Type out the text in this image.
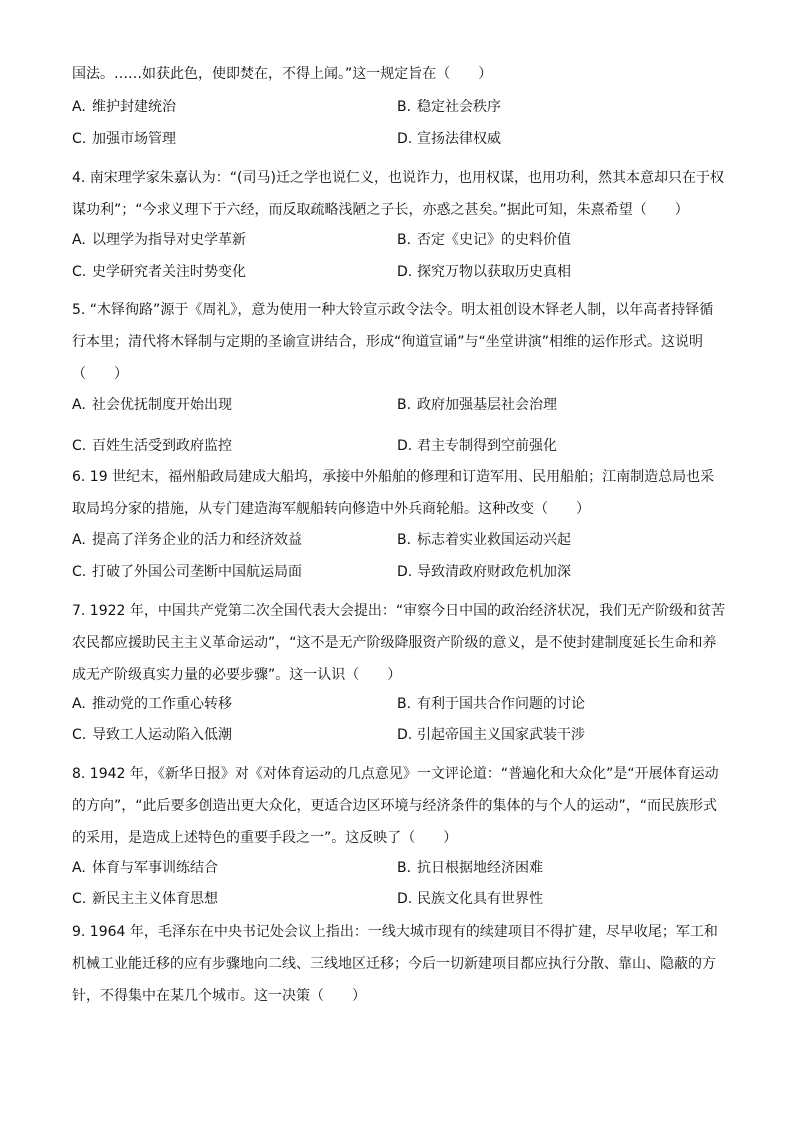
国法。……如获此色，使即焚在，不得上闻。”这一规定旨在（　　）
A. 维护封建统治	B. 稳定社会秩序
C. 加强市场管理	D. 宣扬法律权威
4. 南宋理学家朱嘉认为：“(司马)迁之学也说仁义，也说诈力，也用权谋，也用功利，然其本意却只在于权谋功利”；“今求义理下于六经，而反取疏略浅陋之子长，亦惑之甚矣。”据此可知，朱熹希望（　　）
A. 以理学为指导对史学革新	B. 否定《史记》的史料价值
C. 史学研究者关注时势变化	D. 探究万物以获取历史真相
5. “木铎徇路”源于《周礼》，意为使用一种大铃宣示政令法令。明太祖创设木铎老人制，以年高者持铎循行本里；清代将木铎制与定期的圣谕宣讲结合，形成“徇道宣诵”与“坐堂讲演”相维的运作形式。这说明（　　）
A. 社会优抚制度开始出现	B. 政府加强基层社会治理
C. 百姓生活受到政府监控	D. 君主专制得到空前强化
6. 19 世纪末，福州船政局建成大船坞，承接中外船舶的修理和订造军用、民用船舶；江南制造总局也采取局坞分家的措施，从专门建造海军舰船转向修造中外兵商轮船。这种改变（　　）
A. 提高了洋务企业的活力和经济效益	B. 标志着实业救国运动兴起
C. 打破了外国公司垄断中国航运局面	D. 导致清政府财政危机加深
7. 1922 年，中国共产党第二次全国代表大会提出：“审察今日中国的政治经济状况，我们无产阶级和贫苦农民都应援助民主主义革命运动”，“这不是无产阶级降服资产阶级的意义，是不使封建制度延长生命和养成无产阶级真实力量的必要步骤”。这一认识（　　）
A. 推动党的工作重心转移	B. 有利于国共合作问题的讨论
C. 导致工人运动陷入低潮	D. 引起帝国主义国家武装干涉
8. 1942 年，《新华日报》对《对体育运动的几点意见》一文评论道：“普遍化和大众化”是“开展体育运动的方向”，“此后要多创造出更大众化，更适合边区环境与经济条件的集体的与个人的运动”，“而民族形式的采用，是造成上述特色的重要手段之一”。这反映了（　　）
A. 体育与军事训练结合	B. 抗日根据地经济困难
C. 新民主主义体育思想	D. 民族文化具有世界性
9. 1964 年，毛泽东在中央书记处会议上指出：一线大城市现有的续建项目不得扩建，尽早收尾；军工和机械工业能迁移的应有步骤地向二线、三线地区迁移；今后一切新建项目都应执行分散、靠山、隐蔽的方针，不得集中在某几个城市。这一决策（　　）
